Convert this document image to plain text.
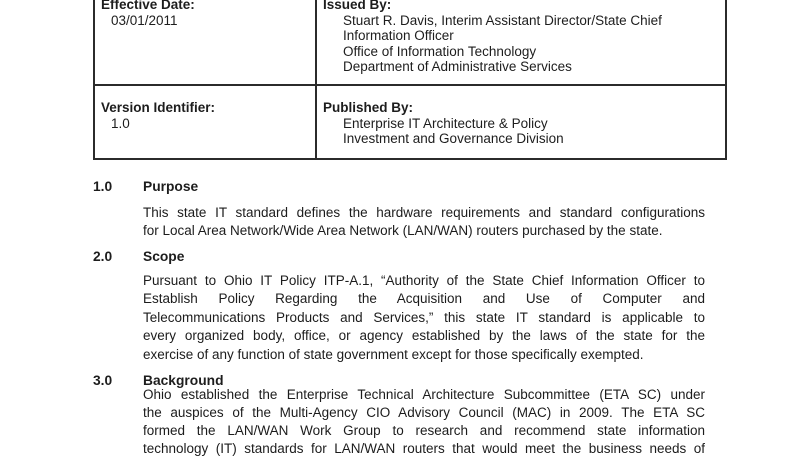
Effective Date:
03/01/2011

Issued By:
Stuart R. Davis, Interim Assistant Director/State Chief
Information Officer
Office of Information Technology
Department of Administrative Services

Version Identifier:
1.0

Published By:
Enterprise IT Architecture & Policy
Investment and Governance Division
1.0 Purpose
This state IT standard defines the hardware requirements and standard configurations
for Local Area Network/Wide Area Network (LAN/WAN) routers purchased by the state.
2.0 Scope
Pursuant to Ohio IT Policy ITP-A.1, “Authority of the State Chief Information Officer to
Establish Policy Regarding the Acquisition and Use of Computer and
Telecommunications Products and Services,” this state IT standard is applicable to
every organized body, office, or agency established by the laws of the state for the
exercise of any function of state government except for those specifically exempted.
3.0 Background
Ohio established the Enterprise Technical Architecture Subcommittee (ETA SC) under
the auspices of the Multi-Agency CIO Advisory Council (MAC) in 2009. The ETA SC
formed the LAN/WAN Work Group to research and recommend state information
technology (IT) standards for LAN/WAN routers that would meet the business needs of
